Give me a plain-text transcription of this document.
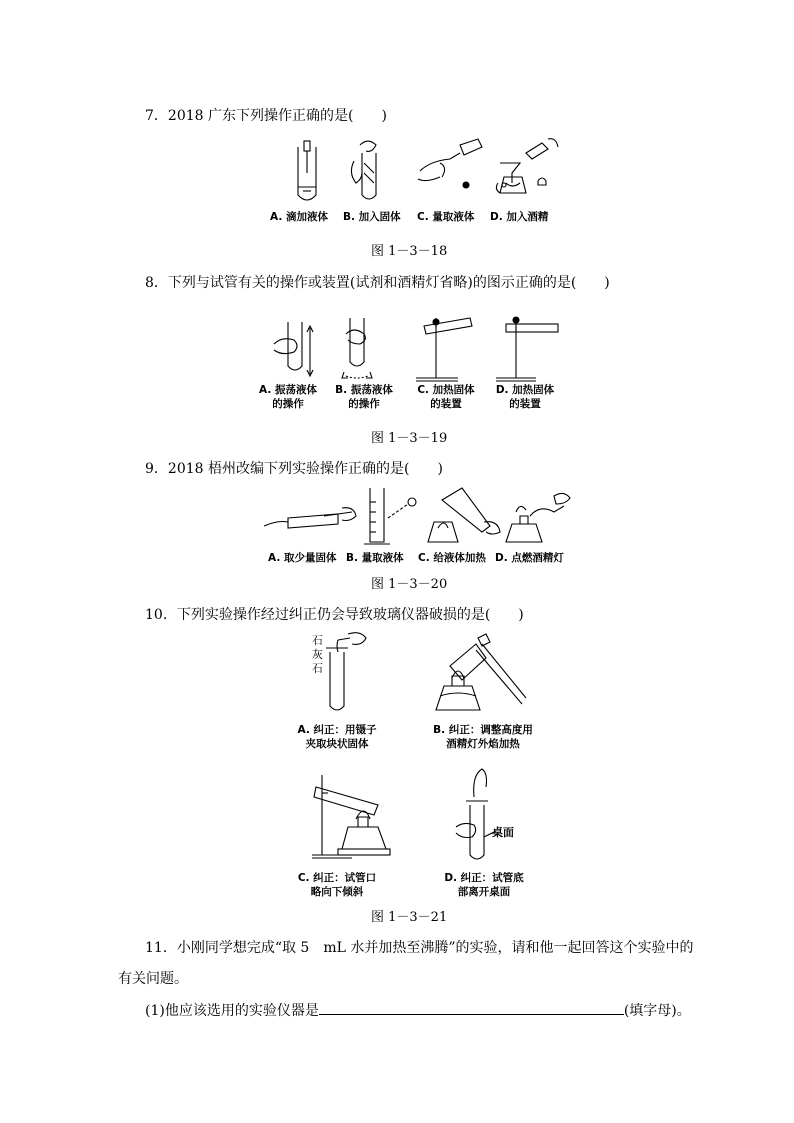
7．2018 广东下列操作正确的是(　　)
A. 滴加液体 B. 加入固体 C. 量取液体 D. 加入酒精
图 1－3－18
8．下列与试管有关的操作或装置(试剂和酒精灯省略)的图示正确的是(　　)
A. 振荡液体
的操作
B. 振荡液体
的操作
C. 加热固体
的装置
D. 加热固体
的装置
图 1－3－19
9．2018 梧州改编下列实验操作正确的是(　　)
A. 取少量固体 B. 量取液体 C. 给液体加热 D. 点燃酒精灯
图 1－3－20
10．下列实验操作经过纠正仍会导致玻璃仪器破损的是(　　)
石
灰
石
A. 纠正：用镊子
夹取块状固体
B. 纠正：调整高度用
酒精灯外焰加热
桌面
C. 纠正：试管口
略向下倾斜
D. 纠正：试管底
部离开桌面
图 1－3－21
11．小刚同学想完成“取 5　mL 水并加热至沸腾”的实验，请和他一起回答这个实验中的
有关问题。
(1)他应该选用的实验仪器是	(填字母)。
